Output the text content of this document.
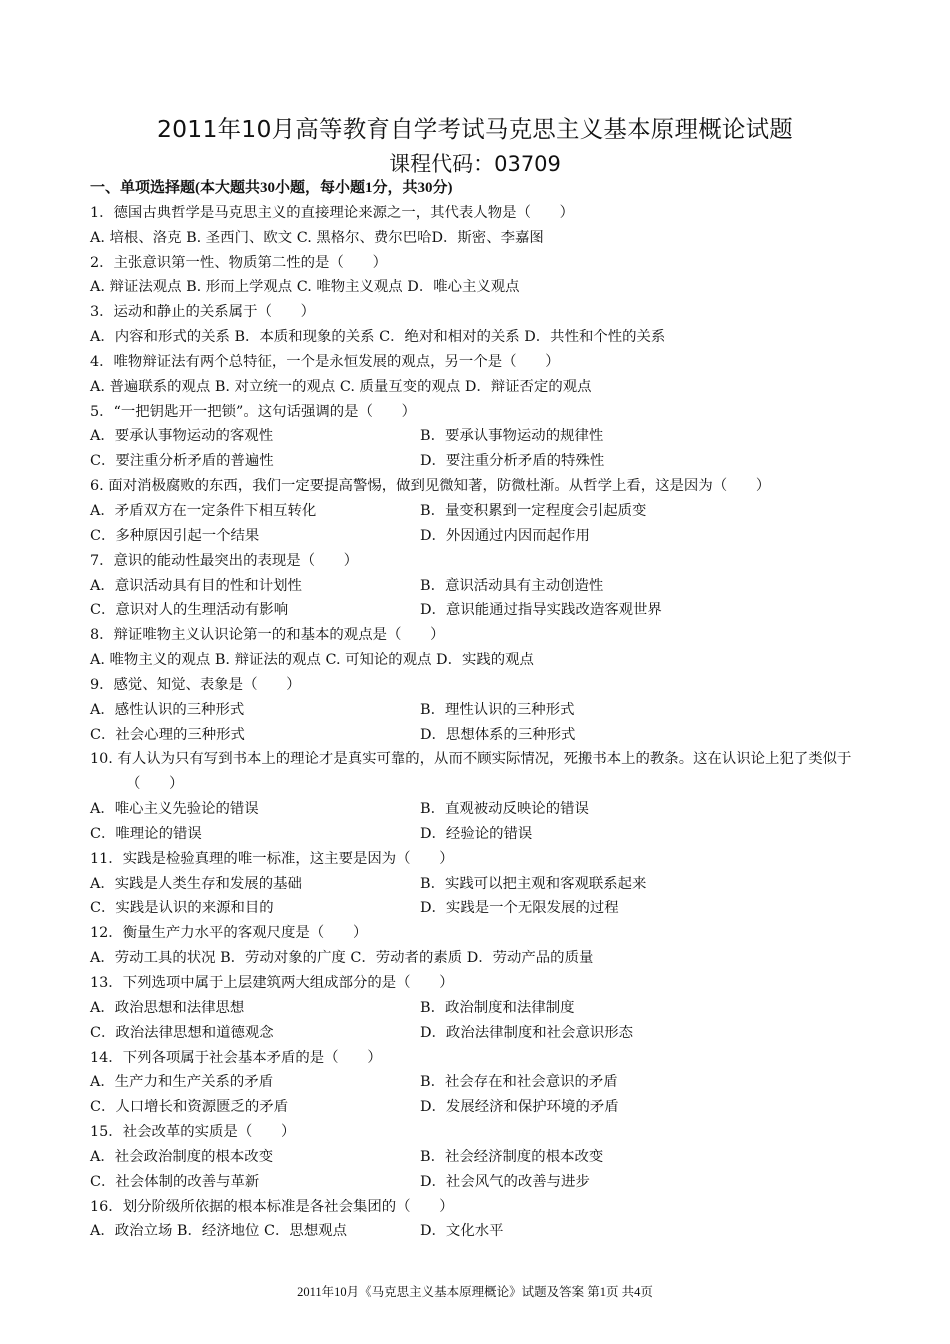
2011年10月高等教育自学考试马克思主义基本原理概论试题
课程代码：03709
一、单项选择题(本大题共30小题，每小题1分，共30分)
1．德国古典哲学是马克思主义的直接理论来源之一，其代表人物是（　　）
A. 培根、洛克 B. 圣西门、欧文 C. 黑格尔、费尔巴哈D．斯密、李嘉图
2．主张意识第一性、物质第二性的是（　　）
A. 辩证法观点 B. 形而上学观点 C. 唯物主义观点 D．唯心主义观点
3．运动和静止的关系属于（　　）
A．内容和形式的关系 B．本质和现象的关系 C．绝对和相对的关系 D．共性和个性的关系
4．唯物辩证法有两个总特征，一个是永恒发展的观点，另一个是（　　）
A. 普遍联系的观点 B. 对立统一的观点 C. 质量互变的观点 D．辩证否定的观点
5．“一把钥匙开一把锁”。这句话强调的是（　　）
A．要承认事物运动的客观性	B．要承认事物运动的规律性
C．要注重分析矛盾的普遍性	D．要注重分析矛盾的特殊性
6. 面对消极腐败的东西，我们一定要提高警惕，做到见微知著，防微杜渐。从哲学上看，这是因为（　　）
A．矛盾双方在一定条件下相互转化	B．量变积累到一定程度会引起质变
C．多种原因引起一个结果	D．外因通过内因而起作用
7．意识的能动性最突出的表现是（　　）
A．意识活动具有目的性和计划性	B．意识活动具有主动创造性
C．意识对人的生理活动有影响	D．意识能通过指导实践改造客观世界
8．辩证唯物主义认识论第一的和基本的观点是（　　）
A. 唯物主义的观点 B. 辩证法的观点 C. 可知论的观点 D．实践的观点
9．感觉、知觉、表象是（　　）
A．感性认识的三种形式	B．理性认识的三种形式
C．社会心理的三种形式	D．思想体系的三种形式
10. 有人认为只有写到书本上的理论才是真实可靠的，从而不顾实际情况，死搬书本上的教条。这在认识论上犯了类似于（　　）
A．唯心主义先验论的错误	B．直观被动反映论的错误
C．唯理论的错误	D．经验论的错误
11．实践是检验真理的唯一标准，这主要是因为（　　）
A．实践是人类生存和发展的基础	B．实践可以把主观和客观联系起来
C．实践是认识的来源和目的	D．实践是一个无限发展的过程
12．衡量生产力水平的客观尺度是（　　）
A．劳动工具的状况 B．劳动对象的广度 C．劳动者的素质 D．劳动产品的质量
13．下列选项中属于上层建筑两大组成部分的是（　　）
A．政治思想和法律思想	B．政治制度和法律制度
C．政治法律思想和道德观念	D．政治法律制度和社会意识形态
14．下列各项属于社会基本矛盾的是（　　）
A．生产力和生产关系的矛盾	B．社会存在和社会意识的矛盾
C．人口增长和资源匮乏的矛盾	D．发展经济和保护环境的矛盾
15．社会改革的实质是（　　）
A．社会政治制度的根本改变	B．社会经济制度的根本改变
C．社会体制的改善与革新	D．社会风气的改善与进步
16．划分阶级所依据的根本标准是各社会集团的（　　）
A．政治立场 B．经济地位 C．思想观点	D．文化水平
2011年10月《马克思主义基本原理概论》试题及答案 第1页 共4页
